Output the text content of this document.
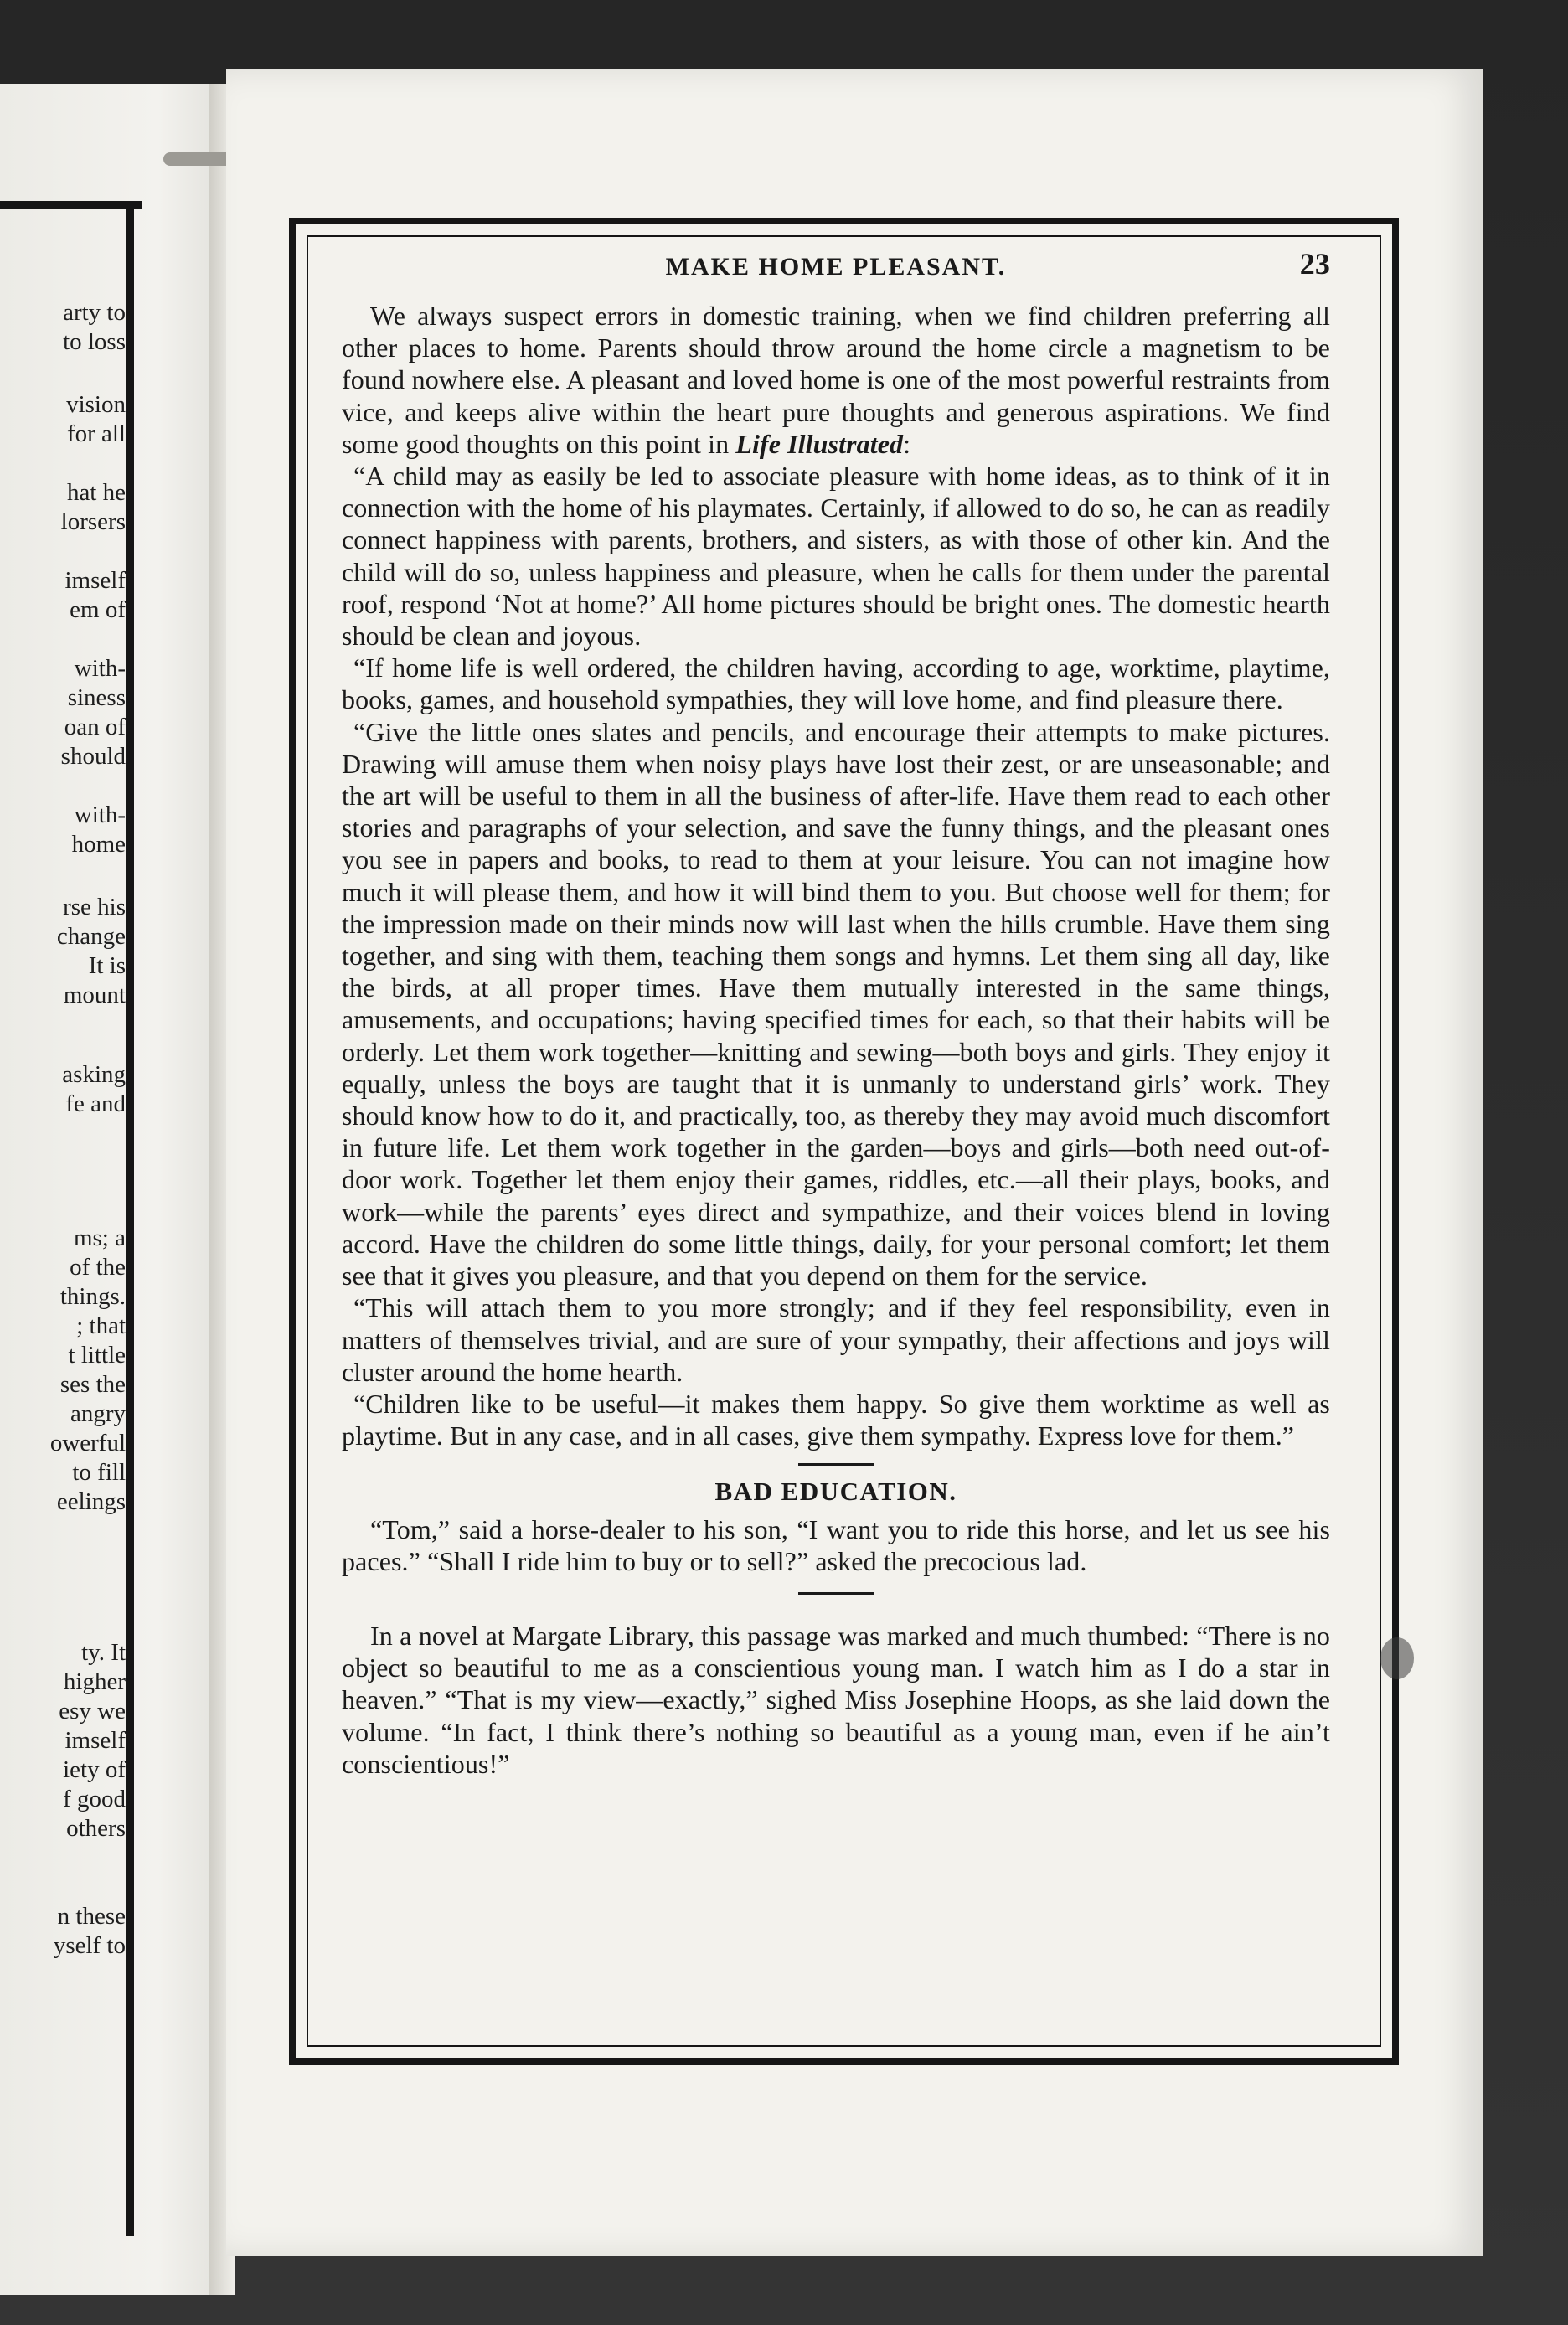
arty to
to loss
vision
for all
hat he
lorsers
imself
em of
with-
siness
oan of
should
with-
home
rse his
change
It is
mount
asking
fe and
ms; a
of the
things.
; that
t little
ses the
angry
owerful
to fill
eelings
ty. It
higher
esy we
imself
iety of
f good
others
n these
yself to
MAKE HOME PLEASANT.	23

We always suspect errors in domestic training, when we find children preferring all other places to home. Parents should throw around the home circle a magnetism to be found nowhere else. A pleasant and loved home is one of the most powerful restraints from vice, and keeps alive within the heart pure thoughts and generous aspirations. We find some good thoughts on this point in Life Illustrated:

“A child may as easily be led to associate pleasure with home ideas, as to think of it in connection with the home of his playmates. Certainly, if allowed to do so, he can as readily connect happiness with parents, brothers, and sisters, as with those of other kin. And the child will do so, unless happiness and pleasure, when he calls for them under the parental roof, respond ‘Not at home?’ All home pictures should be bright ones. The domestic hearth should be clean and joyous.

“If home life is well ordered, the children having, according to age, worktime, playtime, books, games, and household sympathies, they will love home, and find pleasure there.

“Give the little ones slates and pencils, and encourage their attempts to make pictures. Drawing will amuse them when noisy plays have lost their zest, or are unseasonable; and the art will be useful to them in all the business of after-life. Have them read to each other stories and paragraphs of your selection, and save the funny things, and the pleasant ones you see in papers and books, to read to them at your leisure. You can not imagine how much it will please them, and how it will bind them to you. But choose well for them; for the impression made on their minds now will last when the hills crumble. Have them sing together, and sing with them, teaching them songs and hymns. Let them sing all day, like the birds, at all proper times. Have them mutually interested in the same things, amusements, and occupations; having specified times for each, so that their habits will be orderly. Let them work together—knitting and sewing—both boys and girls. They enjoy it equally, unless the boys are taught that it is unmanly to understand girls’ work. They should know how to do it, and practically, too, as thereby they may avoid much discomfort in future life. Let them work together in the garden—boys and girls—both need out-of-door work. Together let them enjoy their games, riddles, etc.—all their plays, books, and work—while the parents’ eyes direct and sympathize, and their voices blend in loving accord. Have the children do some little things, daily, for your personal comfort; let them see that it gives you pleasure, and that you depend on them for the service.

“This will attach them to you more strongly; and if they feel responsibility, even in matters of themselves trivial, and are sure of your sympathy, their affections and joys will cluster around the home hearth.

“Children like to be useful—it makes them happy. So give them worktime as well as playtime. But in any case, and in all cases, give them sympathy. Express love for them.”

BAD EDUCATION.

“Tom,” said a horse-dealer to his son, “I want you to ride this horse, and let us see his paces.” “Shall I ride him to buy or to sell?” asked the precocious lad.

In a novel at Margate Library, this passage was marked and much thumbed: “There is no object so beautiful to me as a conscientious young man. I watch him as I do a star in heaven.” “That is my view—exactly,” sighed Miss Josephine Hoops, as she laid down the volume. “In fact, I think there’s nothing so beautiful as a young man, even if he ain’t conscientious!”
